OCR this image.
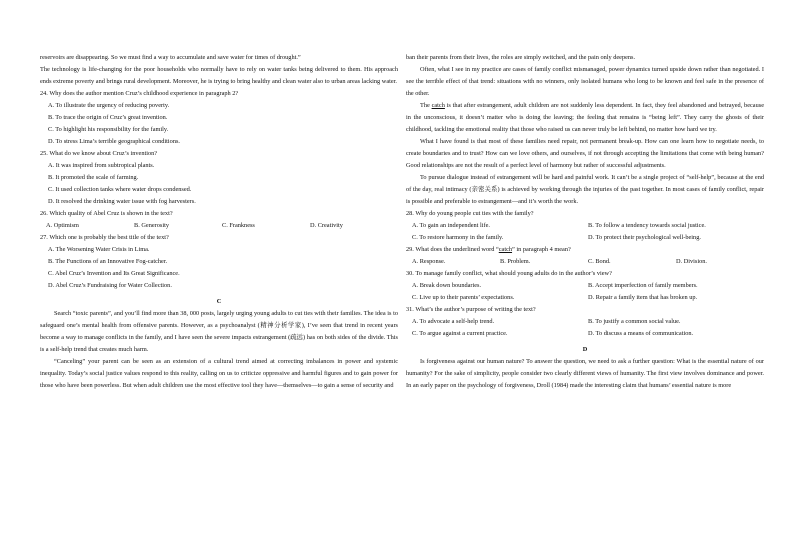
reservoirs are disappearing. So we must find a way to accumulate and save water for times of drought.”

The technology is life-changing for the poor households who normally have to rely on water tanks being delivered to them. His approach ends extreme poverty and brings rural development. Moreover, he is trying to bring healthy and clean water also to urban areas lacking water.

24. Why does the author mention Cruz’s childhood experience in paragraph 2?

A. To illustrate the urgency of reducing poverty.

B. To trace the origin of Cruz’s great invention.

C. To highlight his responsibility for the family.

D. To stress Lima’s terrible geographical conditions.

25. What do we know about Cruz’s invention?

A. It was inspired from subtropical plants.

B. It promoted the scale of farming.

C. It used collection tanks where water drops condensed.

D. It resolved the drinking water issue with fog harvesters.

26. Which quality of Abel Cruz is shown in the text?

A. Optimism	B. Generosity	C. Frankness	D. Creativity

27. Which one is probably the best title of the text?

A. The Worsening Water Crisis in Lima.

B. The Functions of an Innovative Fog-catcher.

C. Abel Cruz’s Invention and Its Great Significance.

D. Abel Cruz’s Fundraising for Water Collection.

C

Search “toxic parents”, and you’ll find more than 38, 000 posts, largely urging young adults to cut ties with their families. The idea is to safeguard one’s mental health from offensive parents. However, as a psychoanalyst (精神分析学家), I’ve seen that trend in recent years become a way to manage conflicts in the family, and I have seen the severe impacts estrangement (疏远) has on both sides of the divide. This is a self-help trend that creates much harm.

“Canceling” your parent can be seen as an extension of a cultural trend aimed at correcting imbalances in power and systemic inequality. Today’s social justice values respond to this reality, calling on us to criticize oppressive and harmful figures and to gain power for those who have been powerless. But when adult children use the most effective tool they have—themselves—to gain a sense of security and

ban their parents from their lives, the roles are simply switched, and the pain only deepens.

Often, what I see in my practice are cases of family conflict mismanaged, power dynamics turned upside down rather than negotiated. I see the terrible effect of that trend: situations with no winners, only isolated humans who long to be known and feel safe in the presence of the other.

The catch is that after estrangement, adult children are not suddenly less dependent. In fact, they feel abandoned and betrayed, because in the unconscious, it doesn’t matter who is doing the leaving; the feeling that remains is “being left”. They carry the ghosts of their childhood, tackling the emotional reality that those who raised us can never truly be left behind, no matter how hard we try.

What I have found is that most of these families need repair, not permanent break-up. How can one learn how to negotiate needs, to create boundaries and to trust? How can we love others, and ourselves, if not through accepting the limitations that come with being human? Good relationships are not the result of a perfect level of harmony but rather of successful adjustments.

To pursue dialogue instead of estrangement will be hard and painful work. It can’t be a single project of “self-help”, because at the end of the day, real intimacy (亲密关系) is achieved by working through the injuries of the past together. In most cases of family conflict, repair is possible and preferable to estrangement—and it’s worth the work.

28. Why do young people cut ties with the family?

A. To gain an independent life.	B. To follow a tendency towards social justice.
C. To restore harmony in the family.	D. To protect their psychological well-being.

29. What does the underlined word “catch” in paragraph 4 mean?

A. Response.	B. Problem.	C. Bond.	D. Division.

30. To manage family conflict, what should young adults do in the author’s view?

A. Break down boundaries.	B. Accept imperfection of family members.
C. Live up to their parents’ expectations.	D. Repair a family item that has broken up.

31. What’s the author’s purpose of writing the text?

A. To advocate a self-help trend.	B. To justify a common social value.
C. To argue against a current practice.	D. To discuss a means of communication.

D

Is forgiveness against our human nature? To answer the question, we need to ask a further question: What is the essential nature of our humanity? For the sake of simplicity, people consider two clearly different views of humanity. The first view involves dominance and power. In an early paper on the psychology of forgiveness, Droll (1984) made the interesting claim that humans’ essential nature is more
